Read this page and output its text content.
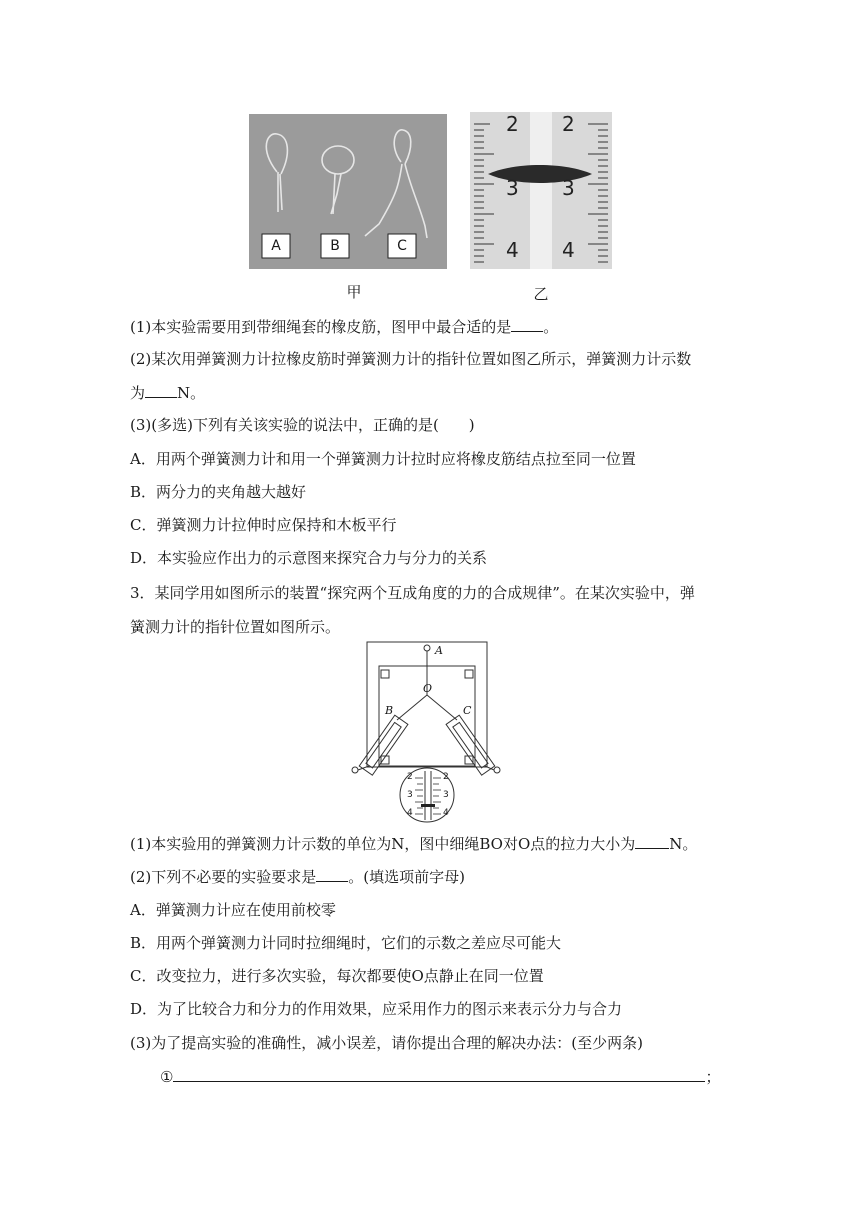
A	B	C
2
3
4
2
3
4
甲	乙
(1)本实验需要用到带细绳套的橡皮筋，图甲中最合适的是 。
(2)某次用弹簧测力计拉橡皮筋时弹簧测力计的指针位置如图乙所示，弹簧测力计示数
为 N。
(3)(多选)下列有关该实验的说法中，正确的是(　　)
A．用两个弹簧测力计和用一个弹簧测力计拉时应将橡皮筋结点拉至同一位置
B．两分力的夹角越大越好
C．弹簧测力计拉伸时应保持和木板平行
D．本实验应作出力的示意图来探究合力与分力的关系
3．某同学用如图所示的装置“探究两个互成角度的力的合成规律”。在某次实验中，弹
簧测力计的指针位置如图所示。
A
O
B	C
2
3
4
2
3
4
(1)本实验用的弹簧测力计示数的单位为N，图中细绳BO对O点的拉力大小为 N。
(2)下列不必要的实验要求是 。(填选项前字母)
A．弹簧测力计应在使用前校零
B．用两个弹簧测力计同时拉细绳时，它们的示数之差应尽可能大
C．改变拉力，进行多次实验，每次都要使O点静止在同一位置
D．为了比较合力和分力的作用效果，应采用作力的图示来表示分力与合力
(3)为了提高实验的准确性，减小误差，请你提出合理的解决办法：(至少两条)
①	；
